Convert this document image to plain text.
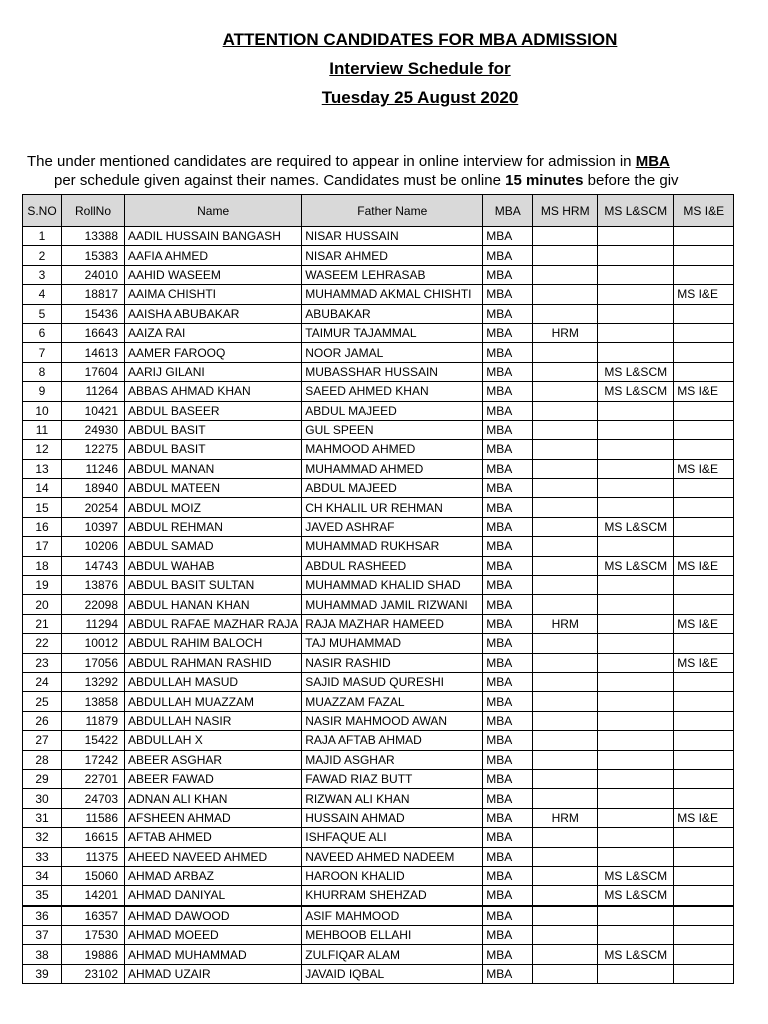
ATTENTION CANDIDATES FOR MBA ADMISSION
Interview Schedule for
Tuesday 25 August 2020
The under mentioned candidates are required to appear in online interview for admission in MBA
per schedule given against their names. Candidates must be online 15 minutes before the giv
S.NO	RollNo	Name	Father Name	MBA	MS HRM	MS L&SCM	MS I&E
1	13388	AADIL HUSSAIN BANGASH	NISAR HUSSAIN	MBA			
2	15383	AAFIA AHMED	NISAR AHMED	MBA			
3	24010	AAHID WASEEM	WASEEM LEHRASAB	MBA			
4	18817	AAIMA CHISHTI	MUHAMMAD AKMAL CHISHTI	MBA			MS I&E
5	15436	AAISHA ABUBAKAR	ABUBAKAR	MBA			
6	16643	AAIZA RAI	TAIMUR TAJAMMAL	MBA	HRM		
7	14613	AAMER FAROOQ	NOOR JAMAL	MBA			
8	17604	AARIJ GILANI	MUBASSHAR HUSSAIN	MBA		MS L&SCM	
9	11264	ABBAS AHMAD KHAN	SAEED AHMED KHAN	MBA		MS L&SCM	MS I&E
10	10421	ABDUL BASEER	ABDUL MAJEED	MBA			
11	24930	ABDUL BASIT	GUL SPEEN	MBA			
12	12275	ABDUL BASIT	MAHMOOD AHMED	MBA			
13	11246	ABDUL MANAN	MUHAMMAD AHMED	MBA			MS I&E
14	18940	ABDUL MATEEN	ABDUL MAJEED	MBA			
15	20254	ABDUL MOIZ	CH KHALIL UR REHMAN	MBA			
16	10397	ABDUL REHMAN	JAVED ASHRAF	MBA		MS L&SCM	
17	10206	ABDUL SAMAD	MUHAMMAD RUKHSAR	MBA			
18	14743	ABDUL WAHAB	ABDUL RASHEED	MBA		MS L&SCM	MS I&E
19	13876	ABDUL BASIT SULTAN	MUHAMMAD KHALID SHAD	MBA			
20	22098	ABDUL HANAN KHAN	MUHAMMAD JAMIL RIZWANI	MBA			
21	11294	ABDUL RAFAE MAZHAR RAJA	RAJA MAZHAR HAMEED	MBA	HRM		MS I&E
22	10012	ABDUL RAHIM BALOCH	TAJ MUHAMMAD	MBA			
23	17056	ABDUL RAHMAN RASHID	NASIR RASHID	MBA			MS I&E
24	13292	ABDULLAH MASUD	SAJID MASUD QURESHI	MBA			
25	13858	ABDULLAH MUAZZAM	MUAZZAM FAZAL	MBA			
26	11879	ABDULLAH NASIR	NASIR MAHMOOD AWAN	MBA			
27	15422	ABDULLAH X	RAJA AFTAB AHMAD	MBA			
28	17242	ABEER ASGHAR	MAJID ASGHAR	MBA			
29	22701	ABEER FAWAD	FAWAD RIAZ BUTT	MBA			
30	24703	ADNAN ALI KHAN	RIZWAN ALI KHAN	MBA			
31	11586	AFSHEEN AHMAD	HUSSAIN AHMAD	MBA	HRM		MS I&E
32	16615	AFTAB AHMED	ISHFAQUE ALI	MBA			
33	11375	AHEED NAVEED AHMED	NAVEED AHMED NADEEM	MBA			
34	15060	AHMAD ARBAZ	HAROON KHALID	MBA		MS L&SCM	
35	14201	AHMAD DANIYAL	KHURRAM SHEHZAD	MBA		MS L&SCM	
36	16357	AHMAD DAWOOD	ASIF MAHMOOD	MBA			
37	17530	AHMAD MOEED	MEHBOOB ELLAHI	MBA			
38	19886	AHMAD MUHAMMAD	ZULFIQAR ALAM	MBA		MS L&SCM	
39	23102	AHMAD UZAIR	JAVAID IQBAL	MBA			
